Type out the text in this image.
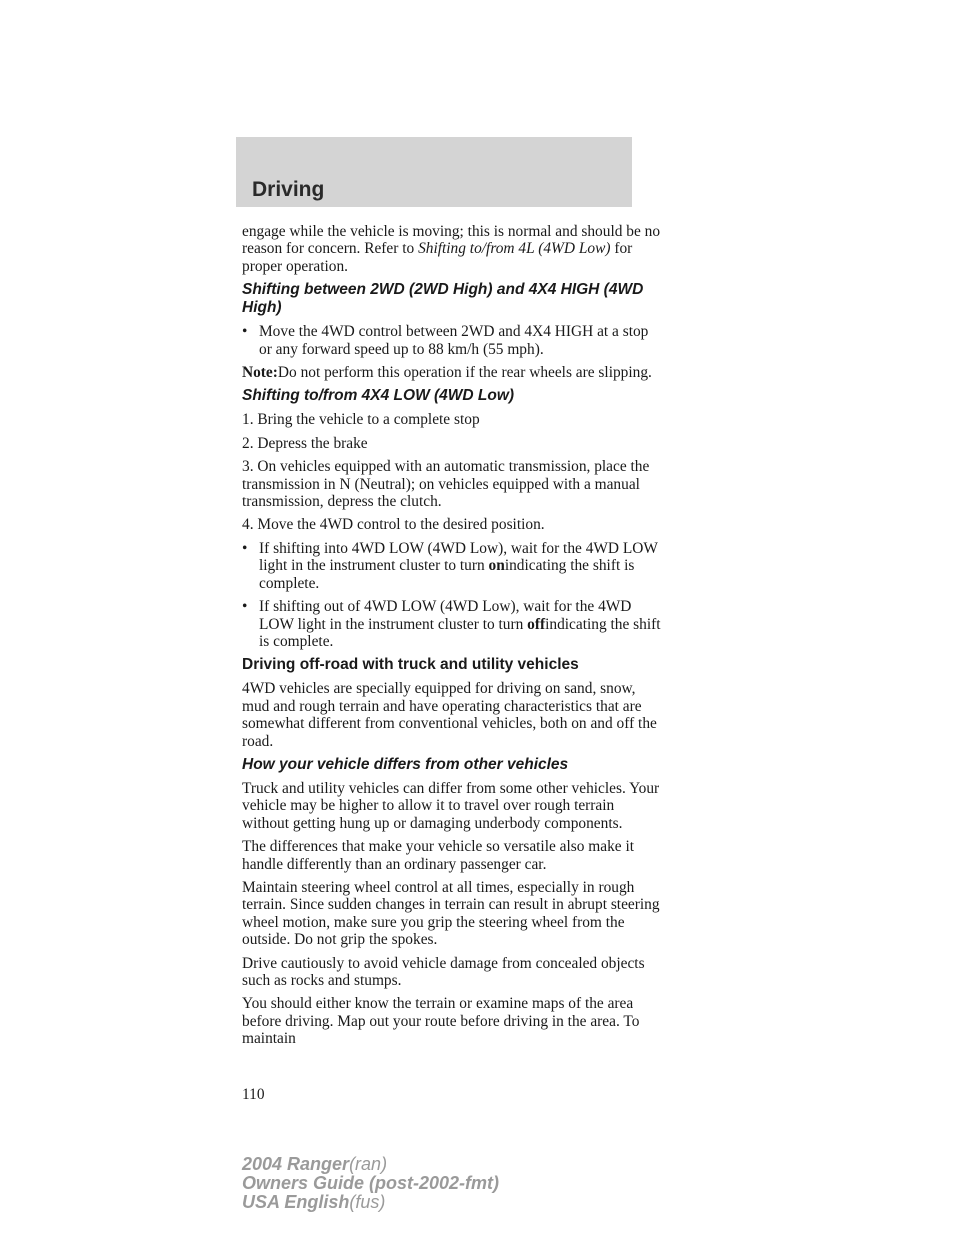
Driving

engage while the vehicle is moving; this is normal and should be no reason for concern. Refer to Shifting to/from 4L (4WD Low) for proper operation.

Shifting between 2WD (2WD High) and 4X4 HIGH (4WD High)
• Move the 4WD control between 2WD and 4X4 HIGH at a stop or any forward speed up to 88 km/h (55 mph).

Note:Do not perform this operation if the rear wheels are slipping.

Shifting to/from 4X4 LOW (4WD Low)

1. Bring the vehicle to a complete stop

2. Depress the brake

3. On vehicles equipped with an automatic transmission, place the transmission in N (Neutral); on vehicles equipped with a manual transmission, depress the clutch.

4. Move the 4WD control to the desired position.

• If shifting into 4WD LOW (4WD Low), wait for the 4WD LOW light in the instrument cluster to turn onindicating the shift is complete.
• If shifting out of 4WD LOW (4WD Low), wait for the 4WD LOW light in the instrument cluster to turn offindicating the shift is complete.
Driving off-road with truck and utility vehicles

4WD vehicles are specially equipped for driving on sand, snow, mud and rough terrain and have operating characteristics that are somewhat different from conventional vehicles, both on and off the road.

How your vehicle differs from other vehicles

Truck and utility vehicles can differ from some other vehicles. Your vehicle may be higher to allow it to travel over rough terrain without getting hung up or damaging underbody components.

The differences that make your vehicle so versatile also make it handle differently than an ordinary passenger car.

Maintain steering wheel control at all times, especially in rough terrain. Since sudden changes in terrain can result in abrupt steering wheel motion, make sure you grip the steering wheel from the outside. Do not grip the spokes.

Drive cautiously to avoid vehicle damage from concealed objects such as rocks and stumps.

You should either know the terrain or examine maps of the area before driving. Map out your route before driving in the area. To maintain

110
2004 Ranger(ran)
Owners Guide (post-2002-fmt)
USA English(fus)
